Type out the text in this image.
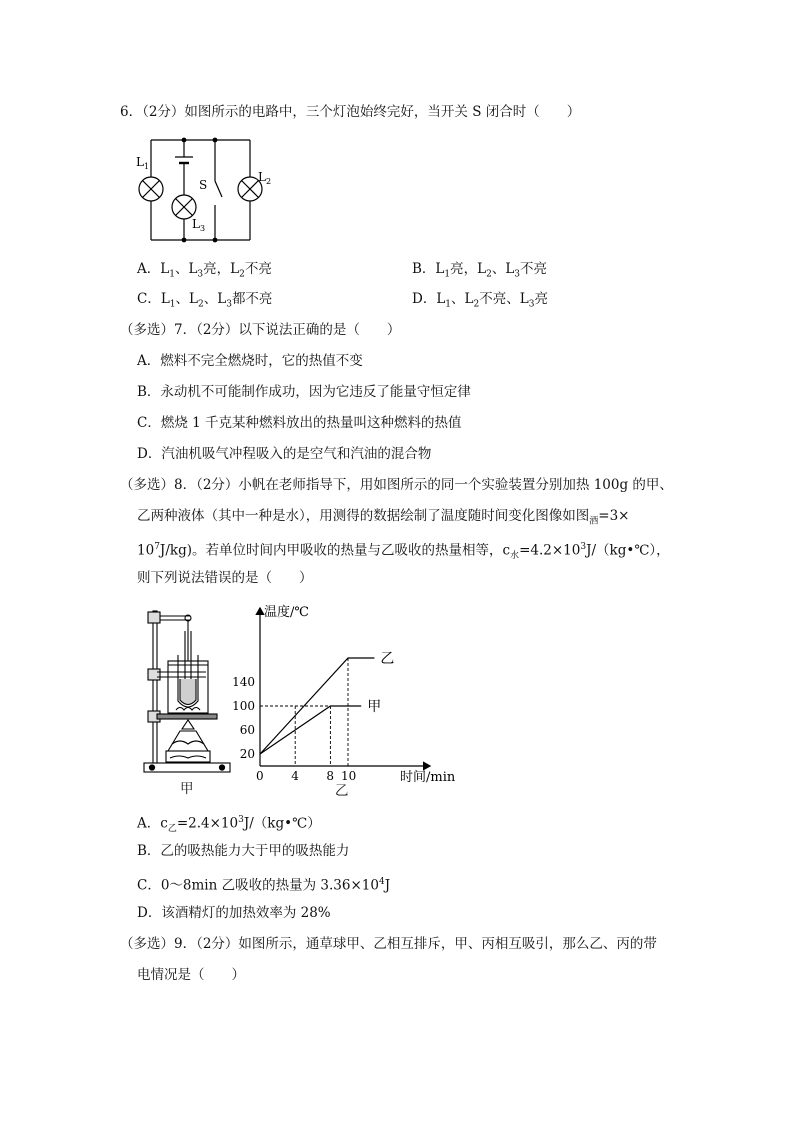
6．（2分）如图所示的电路中，三个灯泡始终完好，当开关 S 闭合时（　　）
$L_1$
$L_2$
$L_3$
S
A．$L_1$、$L_3$亮，$L_2$不亮	B．$L_1$亮，$L_2$、$L_3$不亮
C．$L_1$、$L_2$、$L_3$都不亮	D．$L_1$、$L_2$不亮、$L_3$亮
（多选）7．（2分）以下说法正确的是（　　）
A．燃料不完全燃烧时，它的热值不变
B．永动机不可能制作成功，因为它违反了能量守恒定律
C．燃烧 1 千克某种燃料放出的热量叫这种燃料的热值
D．汽油机吸气冲程吸入的是空气和汽油的混合物
（多选）8．（2分）小帆在老师指导下，用如图所示的同一个实验装置分别加热 100g 的甲、
乙两种液体（其中一种是水），用测得的数据绘制了温度随时间变化图像如图$_酒$=3×
$10^7J/kg$)。若单位时间内甲吸收的热量与乙吸收的热量相等，$c_水=4.2\times 10^3J/(kg•℃)$，
则下列说法错误的是（　　）
甲
温度/℃
时间/min
0 4 8 10
20
60
100
140
乙
甲
乙
A．$c_乙=2.4\times 10^3J/(kg•℃)$
B．乙的吸热能力大于甲的吸热能力
C．0～8min 乙吸收的热量为 $3.36\times 10^4J$
D．该酒精灯的加热效率为 28%
（多选）9．（2分）如图所示，通草球甲、乙相互排斥，甲、丙相互吸引，那么乙、丙的带
电情况是（　　）
